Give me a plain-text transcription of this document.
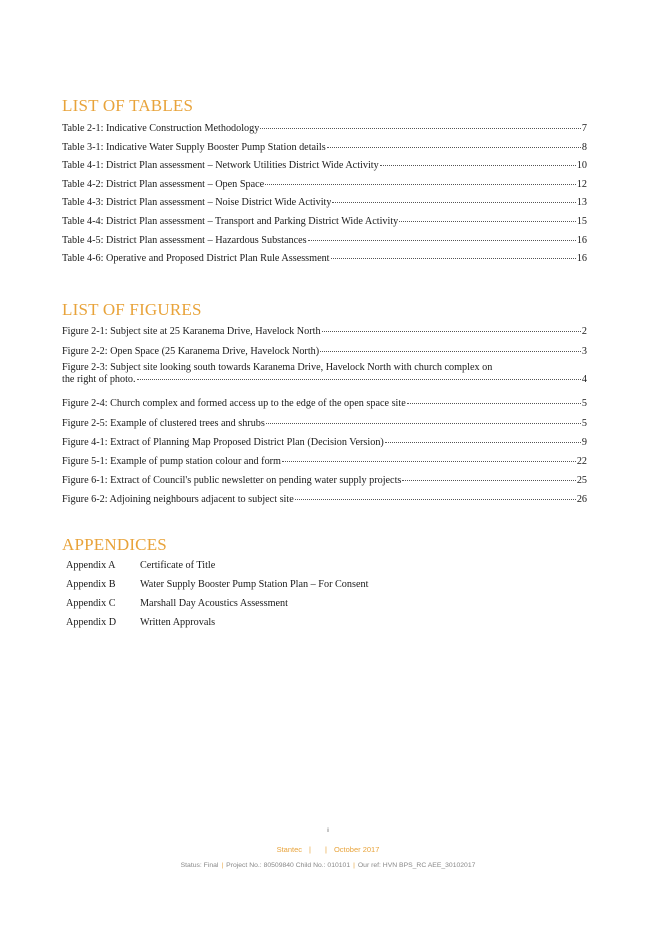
LIST OF TABLES
Table 2-1: Indicative Construction Methodology	7
Table 3-1: Indicative Water Supply Booster Pump Station details	8
Table 4-1: District Plan assessment – Network Utilities District Wide Activity	10
Table 4-2: District Plan assessment – Open Space	12
Table 4-3: District Plan assessment – Noise District Wide Activity	13
Table 4-4: District Plan assessment – Transport and Parking District Wide Activity	15
Table 4-5: District Plan assessment – Hazardous Substances	16
Table 4-6: Operative and Proposed District Plan Rule Assessment	16
LIST OF FIGURES
Figure 2-1: Subject site at 25 Karanema Drive, Havelock North	2
Figure 2-2: Open Space (25 Karanema Drive, Havelock North)	3
Figure 2-3: Subject site looking south towards Karanema Drive, Havelock North with church complex on
the right of photo.	4
Figure 2-4: Church complex and formed access up to the edge of the open space site	5
Figure 2-5: Example of clustered trees and shrubs	5
Figure 4-1: Extract of Planning Map Proposed District Plan (Decision Version)	9
Figure 5-1: Example of pump station colour and form	22
Figure 6-1: Extract of Council's public newsletter on pending water supply projects	25
Figure 6-2: Adjoining neighbours adjacent to subject site	26
APPENDICES
Appendix A Certificate of Title
Appendix B Water Supply Booster Pump Station Plan – For Consent
Appendix C Marshall Day Acoustics Assessment
Appendix D Written Approvals
ii
Stantec | | October 2017
Status: Final | Project No.: 80509840 Child No.: 010101 | Our ref: HVN BPS_RC AEE_30102017
